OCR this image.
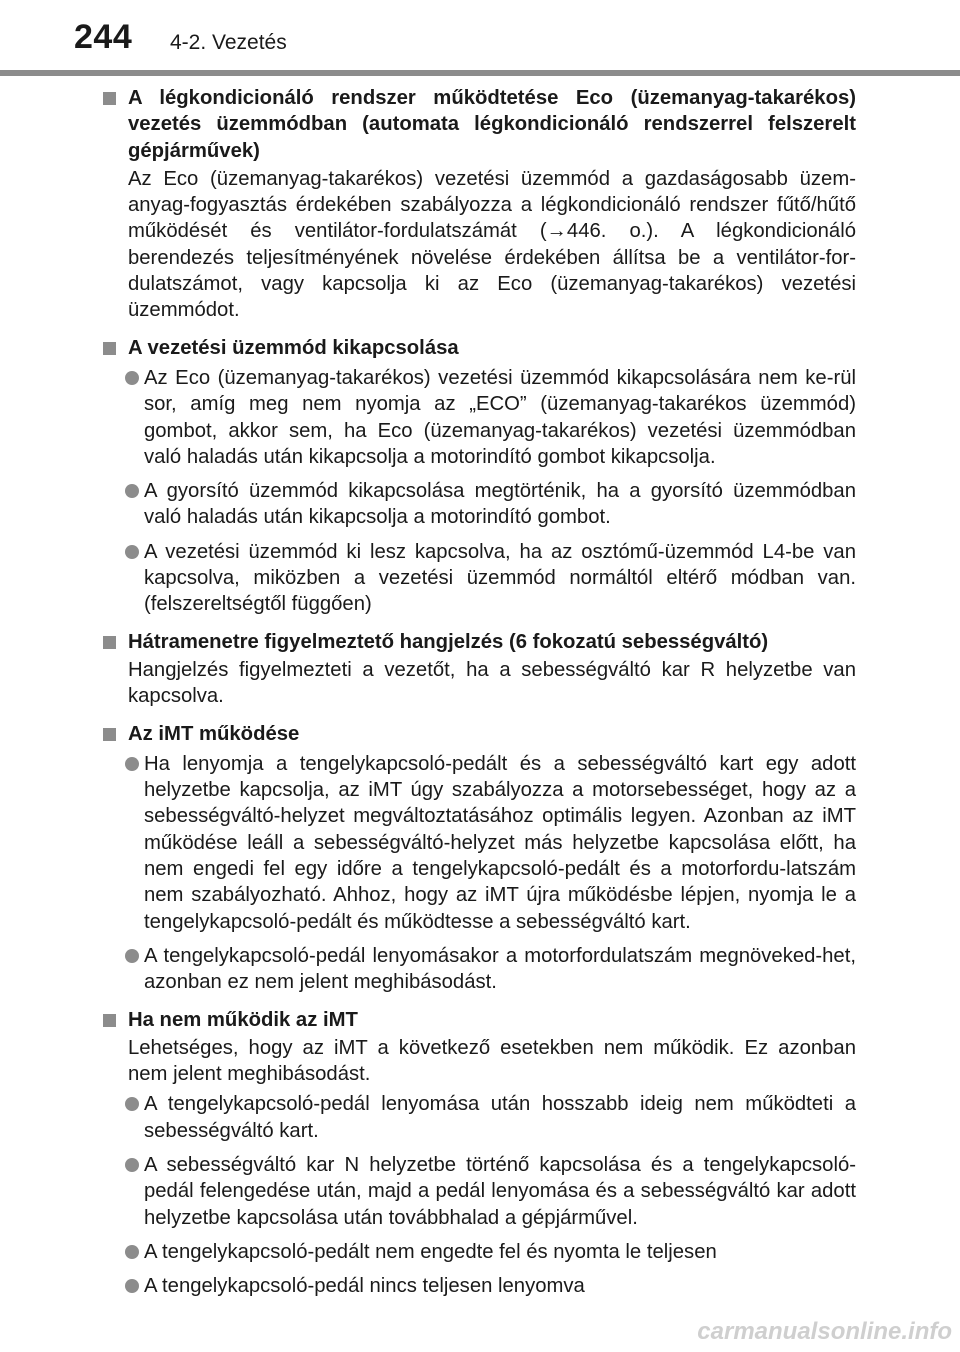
244 4-2. Vezetés
A légkondicionáló rendszer működtetése Eco (üzemanyag-takarékos) vezetés üzemmódban (automata légkondicionáló rendszerrel felszerelt gépjárművek)
Az Eco (üzemanyag-takarékos) vezetési üzemmód a gazdaságosabb üzem-anyag-fogyasztás érdekében szabályozza a légkondicionáló rendszer fűtő/hűtő működését és ventilátor-fordulatszámát (→446. o.). A légkondicionáló berendezés teljesítményének növelése érdekében állítsa be a ventilátor-for-dulatszámot, vagy kapcsolja ki az Eco (üzemanyag-takarékos) vezetési üzemmódot.
A vezetési üzemmód kikapcsolása
Az Eco (üzemanyag-takarékos) vezetési üzemmód kikapcsolására nem ke-rül sor, amíg meg nem nyomja az „ECO” (üzemanyag-takarékos üzemmód) gombot, akkor sem, ha Eco (üzemanyag-takarékos) vezetési üzemmódban való haladás után kikapcsolja a motorindító gombot kikapcsolja.
A gyorsító üzemmód kikapcsolása megtörténik, ha a gyorsító üzemmódban való haladás után kikapcsolja a motorindító gombot.
A vezetési üzemmód ki lesz kapcsolva, ha az osztómű-üzemmód L4-be van kapcsolva, miközben a vezetési üzemmód normáltól eltérő módban van. (felszereltségtől függően)
Hátramenetre figyelmeztető hangjelzés (6 fokozatú sebességváltó)
Hangjelzés figyelmezteti a vezetőt, ha a sebességváltó kar R helyzetbe van kapcsolva.
Az iMT működése
Ha lenyomja a tengelykapcsoló-pedált és a sebességváltó kart egy adott helyzetbe kapcsolja, az iMT úgy szabályozza a motorsebességet, hogy az a sebességváltó-helyzet megváltoztatásához optimális legyen. Azonban az iMT működése leáll a sebességváltó-helyzet más helyzetbe kapcsolása előtt, ha nem engedi fel egy időre a tengelykapcsoló-pedált és a motorfordu-latszám nem szabályozható. Ahhoz, hogy az iMT újra működésbe lépjen, nyomja le a tengelykapcsoló-pedált és működtesse a sebességváltó kart.
A tengelykapcsoló-pedál lenyomásakor a motorfordulatszám megnöveked-het, azonban ez nem jelent meghibásodást.
Ha nem működik az iMT
Lehetséges, hogy az iMT a következő esetekben nem működik. Ez azonban nem jelent meghibásodást.
A tengelykapcsoló-pedál lenyomása után hosszabb ideig nem működteti a sebességváltó kart.
A sebességváltó kar N helyzetbe történő kapcsolása és a tengelykapcsoló-pedál felengedése után, majd a pedál lenyomása és a sebességváltó kar adott helyzetbe kapcsolása után továbbhalad a gépjárművel.
A tengelykapcsoló-pedált nem engedte fel és nyomta le teljesen
A tengelykapcsoló-pedál nincs teljesen lenyomva
carmanualsonline.info
